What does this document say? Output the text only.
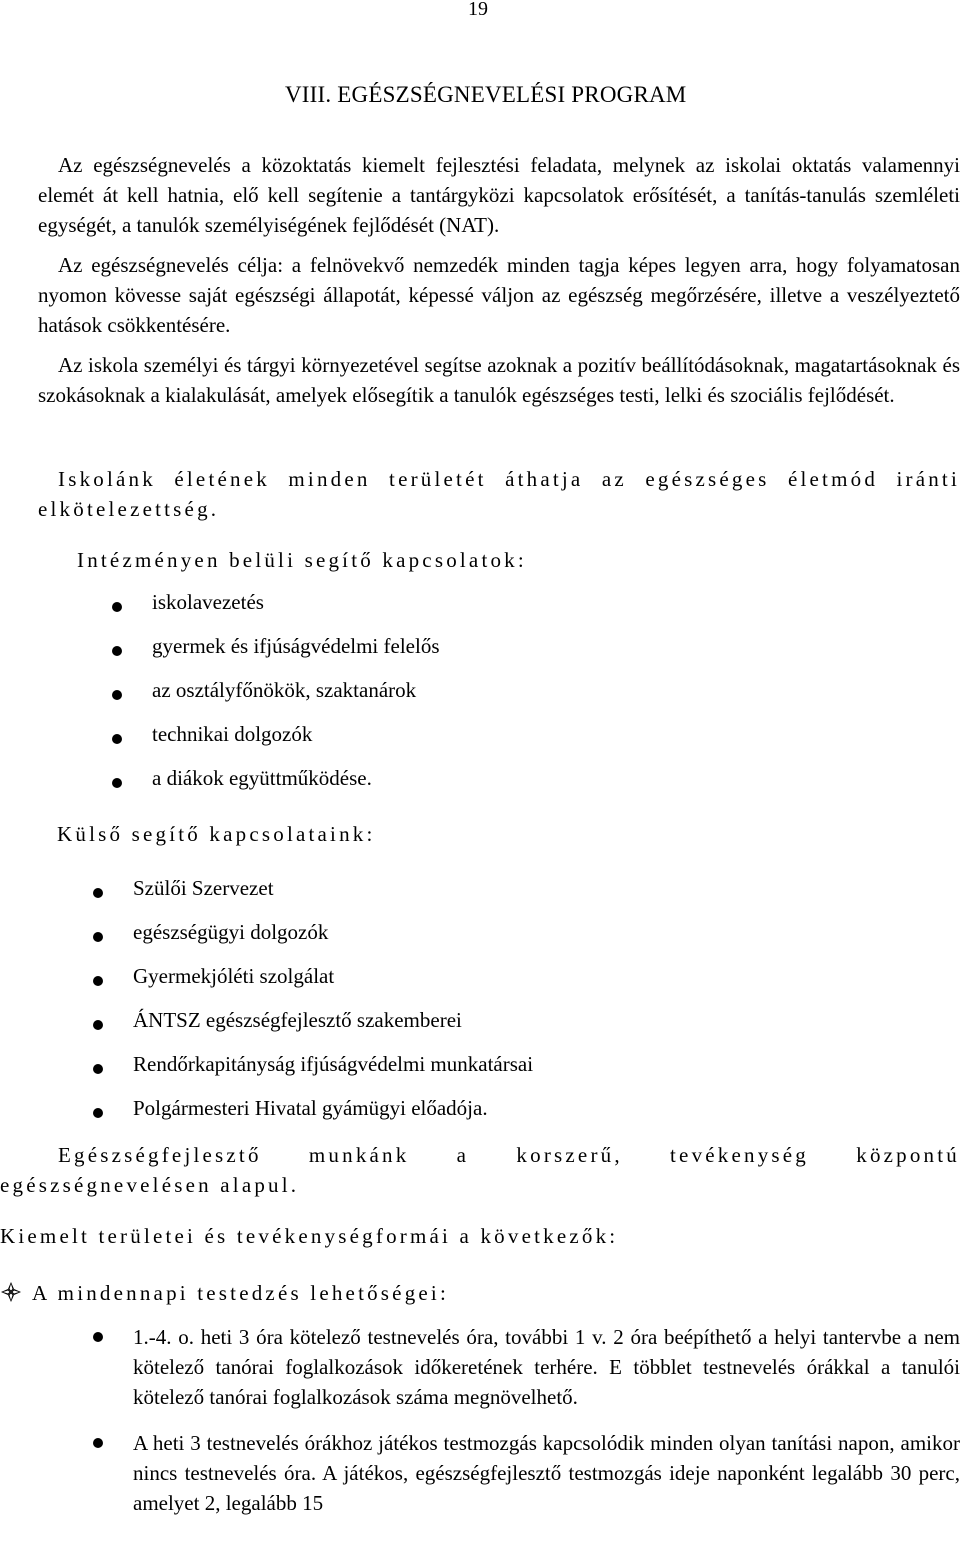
19
VIII. EGÉSZSÉGNEVELÉSI PROGRAM
Az egészségnevelés a közoktatás kiemelt fejlesztési feladata, melynek az iskolai oktatás valamennyi elemét át kell hatnia, elő kell segítenie a tantárgyközi kapcsolatok erősítését, a tanítás-tanulás szemléleti egységét, a tanulók személyiségének fejlődését (NAT).
Az egészségnevelés célja: a felnövekvő nemzedék minden tagja képes legyen arra, hogy folyamatosan nyomon kövesse saját egészségi állapotát, képessé váljon az egészség megőrzésére, illetve a veszélyeztető hatások csökkentésére.
Az iskola személyi és tárgyi környezetével segítse azoknak a pozitív beállítódásoknak, magatartásoknak és szokásoknak a kialakulását, amelyek elősegítik a tanulók egészséges testi, lelki és szociális fejlődését.
Iskolánk életének minden területét áthatja az egészséges életmód iránti elkötelezettség.
Intézményen belüli segítő kapcsolatok:
iskolavezetés
gyermek és ifjúságvédelmi felelős
az osztályfőnökök, szaktanárok
technikai dolgozók
a diákok együttműködése.
Külső segítő kapcsolataink:
Szülői Szervezet
egészségügyi dolgozók
Gyermekjóléti szolgálat
ÁNTSZ egészségfejlesztő szakemberei
Rendőrkapitányság ifjúságvédelmi munkatársai
Polgármesteri Hivatal gyámügyi előadója.
Egészségfejlesztő munkánk a korszerű, tevékenység központú egészségnevelésen alapul.
Kiemelt területei és tevékenységformái a következők:
A mindennapi testedzés lehetőségei:
1.-4. o. heti 3 óra kötelező testnevelés óra, további 1 v. 2 óra beépíthető a helyi tantervbe a nem kötelező tanórai foglalkozások időkeretének terhére. E többlet testnevelés órákkal a tanulói kötelező tanórai foglalkozások száma megnövelhető.
A heti 3 testnevelés órákhoz játékos testmozgás kapcsolódik minden olyan tanítási napon, amikor nincs testnevelés óra. A játékos, egészségfejlesztő testmozgás ideje naponként legalább 30 perc, amelyet 2, legalább 15
